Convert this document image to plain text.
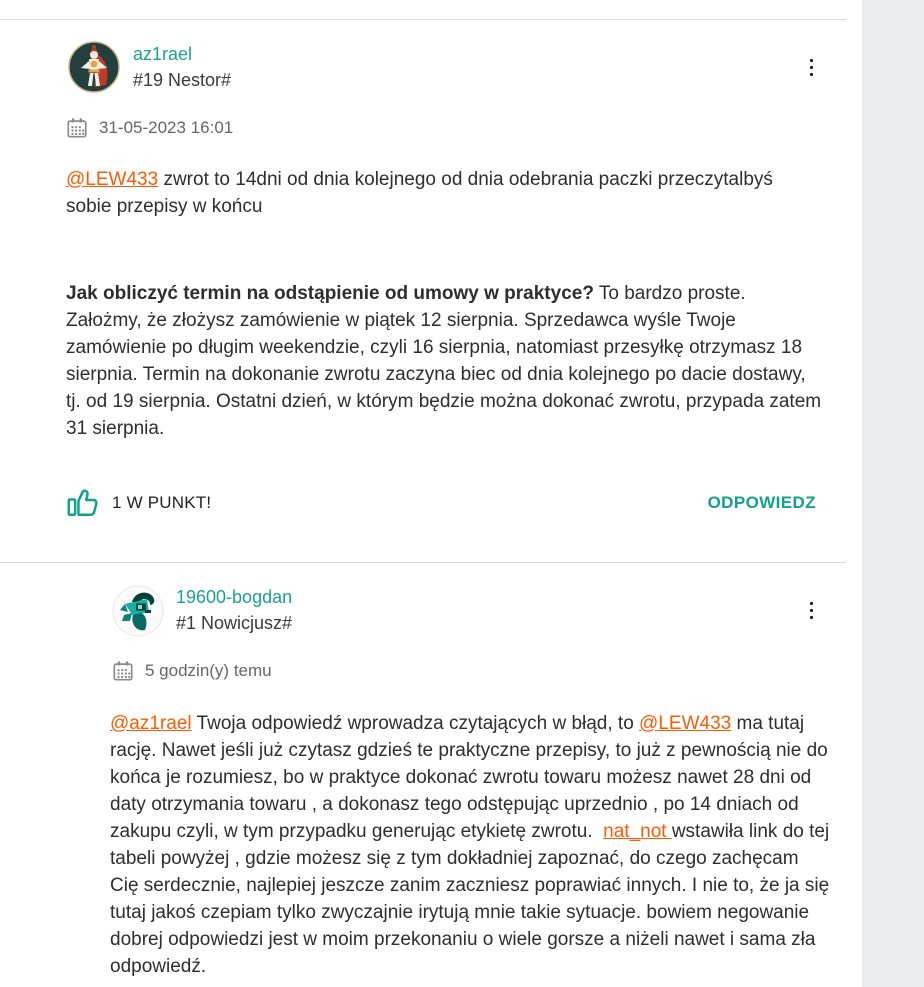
az1rael
#19 Nestor#
31-05-2023 16:01

@LEW433 zwrot to 14dni od dnia kolejnego od dnia odebrania paczki przeczytalbyś sobie przepisy w końcu

Jak obliczyć termin na odstąpienie od umowy w praktyce? To bardzo proste. Założmy, że złożysz zamówienie w piątek 12 sierpnia. Sprzedawca wyśle Twoje zamówienie po długim weekendzie, czyli 16 sierpnia, natomiast przesyłkę otrzymasz 18 sierpnia. Termin na dokonanie zwrotu zaczyna biec od dnia kolejnego po dacie dostawy, tj. od 19 sierpnia. Ostatni dzień, w którym będzie można dokonać zwrotu, przypada zatem 31 sierpnia.

1 W PUNKT!	ODPOWIEDZ
19600-bogdan
#1 Nowicjusz#
5 godzin(y) temu

@az1rael Twoja odpowiedź wprowadza czytających w błąd, to @LEW433 ma tutaj rację. Nawet jeśli już czytasz gdzieś te praktyczne przepisy, to już z pewnością nie do końca je rozumiesz, bo w praktyce dokonać zwrotu towaru możesz nawet 28 dni od daty otrzymania towaru , a dokonasz tego odstępując uprzednio , po 14 dniach od zakupu czyli, w tym przypadku generując etykietę zwrotu.  nat_not wstawiła link do tej tabeli powyżej , gdzie możesz się z tym dokładniej zapoznać, do czego zachęcam Cię serdecznie, najlepiej jeszcze zanim zaczniesz poprawiać innych. I nie to, że ja się tutaj jakoś czepiam tylko zwyczajnie irytują mnie takie sytuacje. bowiem negowanie dobrej odpowiedzi jest w moim przekonaniu o wiele gorsze a niżeli nawet i sama zła odpowiedź.
